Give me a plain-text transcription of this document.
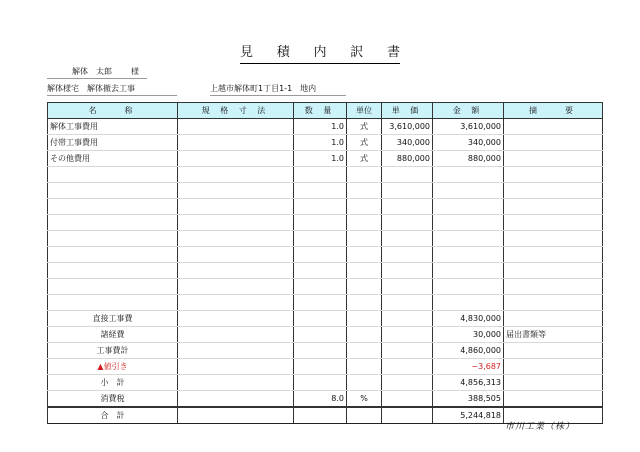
見 積 内 訳 書
解体　太郎 様
解体様宅　解体撤去工事	上越市解体町1丁目1-1　地内
名　　称	規 格 寸 法	数 量	単位	単 価	金 額	摘　　要
解体工事費用		1.0	式	3,610,000	3,610,000	
付帯工事費用		1.0	式	340,000	340,000	
その他費用		1.0	式	880,000	880,000	

直接工事費					4,830,000	
諸経費					30,000	届出書類等
工事費計					4,860,000	
▲値引き					−3,687	
小　計					4,856,313	
消費税		8.0	%		388,505	
合　計					5,244,818	
市川工業（株）
